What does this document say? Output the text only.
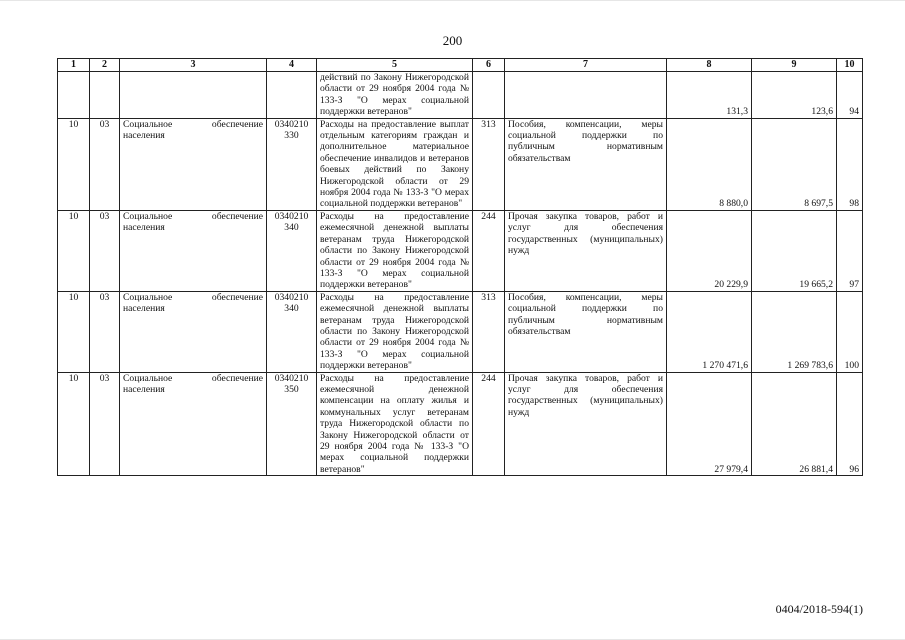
200
1	2	3	4	5	6	7	8	9	10
				действий по Закону Нижегородской области от 29 ноября 2004 года № 133-З "О мерах социальной поддержки ветеранов"			131,3	123,6	94
10	03	Социальное обеспечение населения	0340210 330	Расходы на предоставление выплат отдельным категориям граждан и дополнительное материальное обеспечение инвалидов и ветеранов боевых действий по Закону Нижегородской области от 29 ноября 2004 года № 133-З "О мерах социальной поддержки ветеранов"	313	Пособия, компенсации, меры социальной поддержки по публичным нормативным обязательствам	8 880,0	8 697,5	98
10	03	Социальное обеспечение населения	0340210 340	Расходы на предоставление ежемесячной денежной выплаты ветеранам труда Нижегородской области по Закону Нижегородской области от 29 ноября 2004 года № 133-З "О мерах социальной поддержки ветеранов"	244	Прочая закупка товаров, работ и услуг для обеспечения государственных (муниципальных) нужд	20 229,9	19 665,2	97
10	03	Социальное обеспечение населения	0340210 340	Расходы на предоставление ежемесячной денежной выплаты ветеранам труда Нижегородской области по Закону Нижегородской области от 29 ноября 2004 года № 133-З "О мерах социальной поддержки ветеранов"	313	Пособия, компенсации, меры социальной поддержки по публичным нормативным обязательствам	1 270 471,6	1 269 783,6	100
10	03	Социальное обеспечение населения	0340210 350	Расходы на предоставление ежемесячной денежной компенсации на оплату жилья и коммунальных услуг ветеранам труда Нижегородской области по Закону Нижегородской области от 29 ноября 2004 года № 133-З "О мерах социальной поддержки ветеранов"	244	Прочая закупка товаров, работ и услуг для обеспечения государственных (муниципальных) нужд	27 979,4	26 881,4	96
0404/2018-594(1)
